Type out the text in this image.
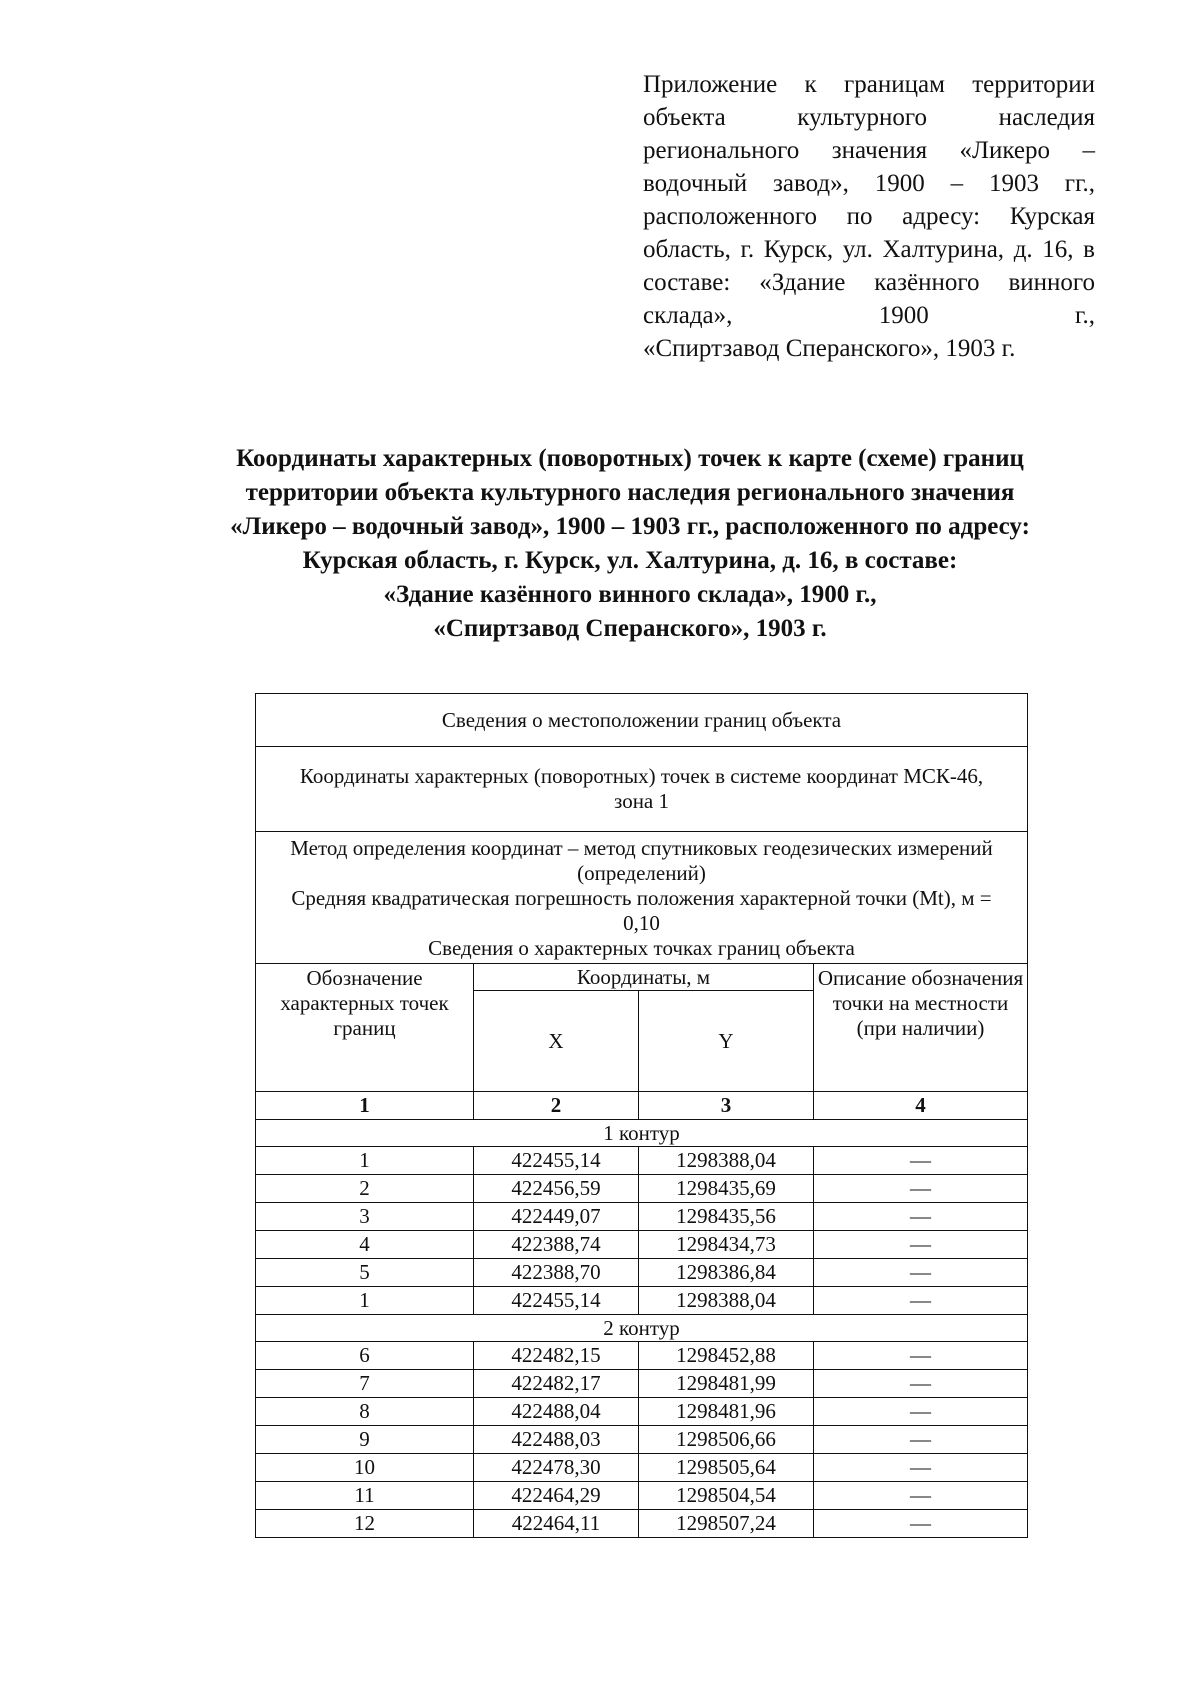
Приложение к границам территории объекта культурного наследия регионального значения «Ликеро – водочный завод», 1900 – 1903 гг., расположенного по адресу: Курская область, г. Курск, ул. Халтурина, д. 16, в составе: «Здание казённого винного склада», 1900 г.,
«Спиртзавод Сперанского», 1903 г.
Координаты характерных (поворотных) точек к карте (схеме) границ
территории объекта культурного наследия регионального значения
«Ликеро – водочный завод», 1900 – 1903 гг., расположенного по адресу:
Курская область, г. Курск, ул. Халтурина, д. 16, в составе:
«Здание казённого винного склада», 1900 г.,
«Спиртзавод Сперанского», 1903 г.
Сведения о местоположении границ объекта			

Координаты характерных (поворотных) точек в системе координат МСК-46, зона 1			

Метод определения координат – метод спутниковых геодезических измерений (определений)
Средняя квадратическая погрешность положения характерной точки (Mt), м = 0,10
Сведения о характерных точках границ объекта			

Обозначение характерных точек границ	Координаты, м		Описание обозначения точки на местности (при наличии)
	X	Y	
1	2	3	4
1 контур			
1	422455,14	1298388,04	—
2	422456,59	1298435,69	—
3	422449,07	1298435,56	—
4	422388,74	1298434,73	—
5	422388,70	1298386,84	—
1	422455,14	1298388,04	—
2 контур			
6	422482,15	1298452,88	—
7	422482,17	1298481,99	—
8	422488,04	1298481,96	—
9	422488,03	1298506,66	—
10	422478,30	1298505,64	—
11	422464,29	1298504,54	—
12	422464,11	1298507,24	—
